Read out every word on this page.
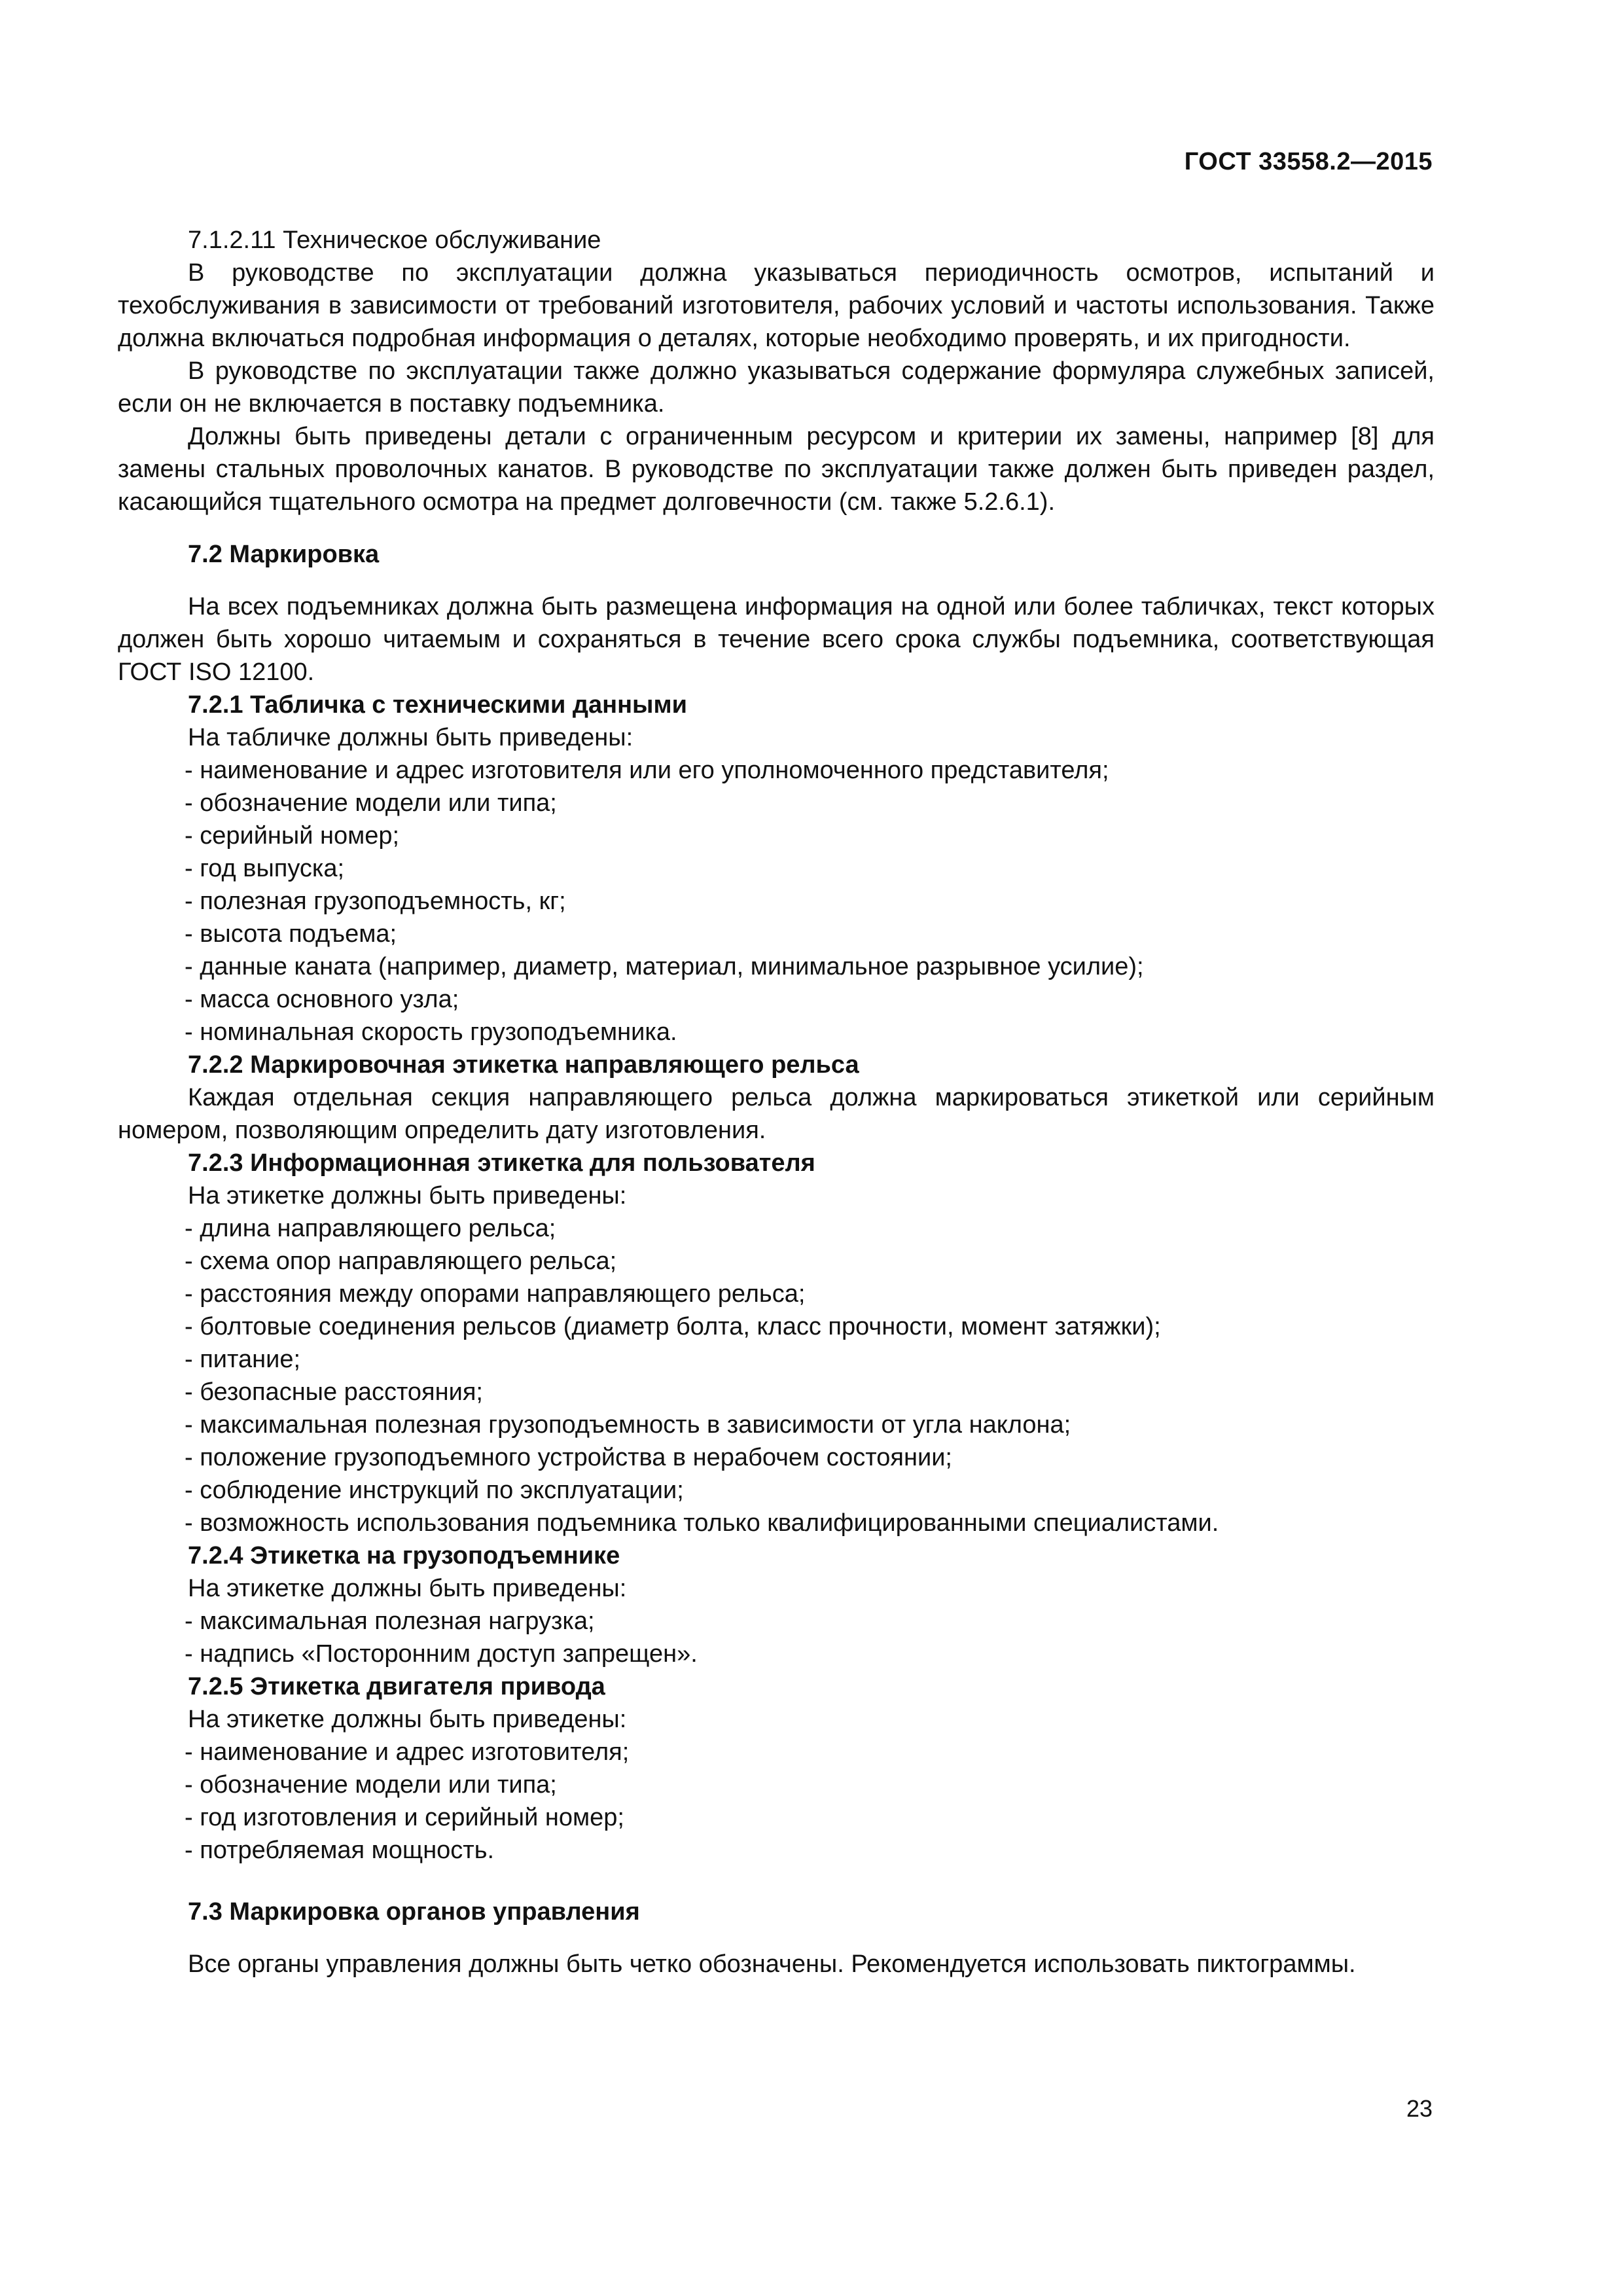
ГОСТ 33558.2—2015

7.1.2.11 Техническое обслуживание

В руководстве по эксплуатации должна указываться периодичность осмотров, испытаний и техобслуживания в зависимости от требований изготовителя, рабочих условий и частоты использования. Также должна включаться подробная информация о деталях, которые необходимо проверять, и их пригодности.

В руководстве по эксплуатации также должно указываться содержание формуляра служебных записей, если он не включается в поставку подъемника.

Должны быть приведены детали с ограниченным ресурсом и критерии их замены, например [8] для замены стальных проволочных канатов. В руководстве по эксплуатации также должен быть приведен раздел, касающийся тщательного осмотра на предмет долговечности (см. также 5.2.6.1).

7.2 Маркировка

На всех подъемниках должна быть размещена информация на одной или более табличках, текст которых должен быть хорошо читаемым и сохраняться в течение всего срока службы подъемника, соответствующая ГОСТ ISO 12100.

7.2.1 Табличка с техническими данными

На табличке должны быть приведены:

- наименование и адрес изготовителя или его уполномоченного представителя;
- обозначение модели или типа;
- серийный номер;
- год выпуска;
- полезная грузоподъемность, кг;
- высота подъема;
- данные каната (например, диаметр, материал, минимальное разрывное усилие);
- масса основного узла;
- номинальная скорость грузоподъемника.

7.2.2 Маркировочная этикетка направляющего рельса

Каждая отдельная секция направляющего рельса должна маркироваться этикеткой или серийным номером, позволяющим определить дату изготовления.

7.2.3 Информационная этикетка для пользователя

На этикетке должны быть приведены:

- длина направляющего рельса;
- схема опор направляющего рельса;
- расстояния между опорами направляющего рельса;
- болтовые соединения рельсов (диаметр болта, класс прочности, момент затяжки);
- питание;
- безопасные расстояния;
- максимальная полезная грузоподъемность в зависимости от угла наклона;
- положение грузоподъемного устройства в нерабочем состоянии;
- соблюдение инструкций по эксплуатации;
- возможность использования подъемника только квалифицированными специалистами.

7.2.4 Этикетка на грузоподъемнике

На этикетке должны быть приведены:

- максимальная полезная нагрузка;
- надпись «Посторонним доступ запрещен».

7.2.5 Этикетка двигателя привода

На этикетке должны быть приведены:

- наименование и адрес изготовителя;
- обозначение модели или типа;
- год изготовления и серийный номер;
- потребляемая мощность.

7.3 Маркировка органов управления

Все органы управления должны быть четко обозначены. Рекомендуется использовать пиктограммы.

23
